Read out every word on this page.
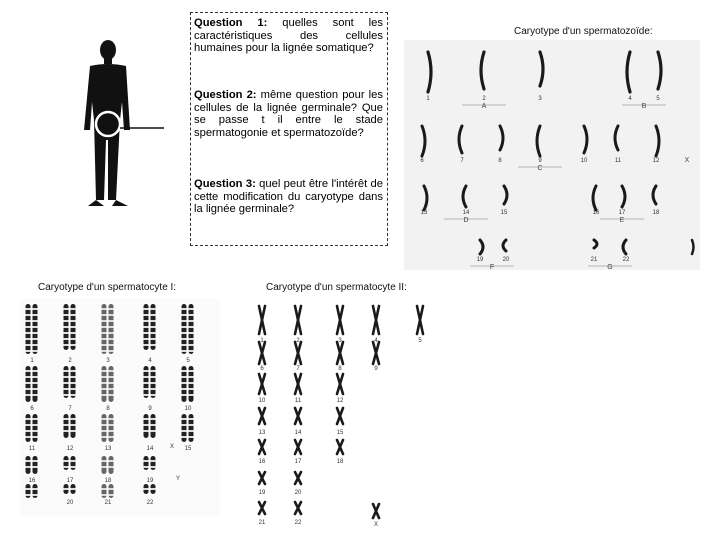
Question 1: quelles sont les caractéristiques des cellules humaines pour la lignée somatique?

Question 2: même question pour les cellules de la lignée germinale? Que se passe t il entre le stade spermatogonie et spermatozoïde?

Question 3: quel peut être l'intérêt de cette modification du caryotype dans la lignée germinale?

Caryotype d'un spermatozoïde:
Caryotype d'un spermatocyte I:	Caryotype d'un spermatocyte II:
1	2	3	4	5
A	B
6	7	8	9	10	11	12
C
13	14	15	16	17	18
D	E
19	20	21	22
F	G
X
1	2	3	4	5
6	7	8	9	10
11	12	13	14	15
16	17	18	19
20	21	22
X
Y
1	2	3	4	5
6	7	8	9
10	11	12
13	14	15
16	17	18
19	20
21	22	X
